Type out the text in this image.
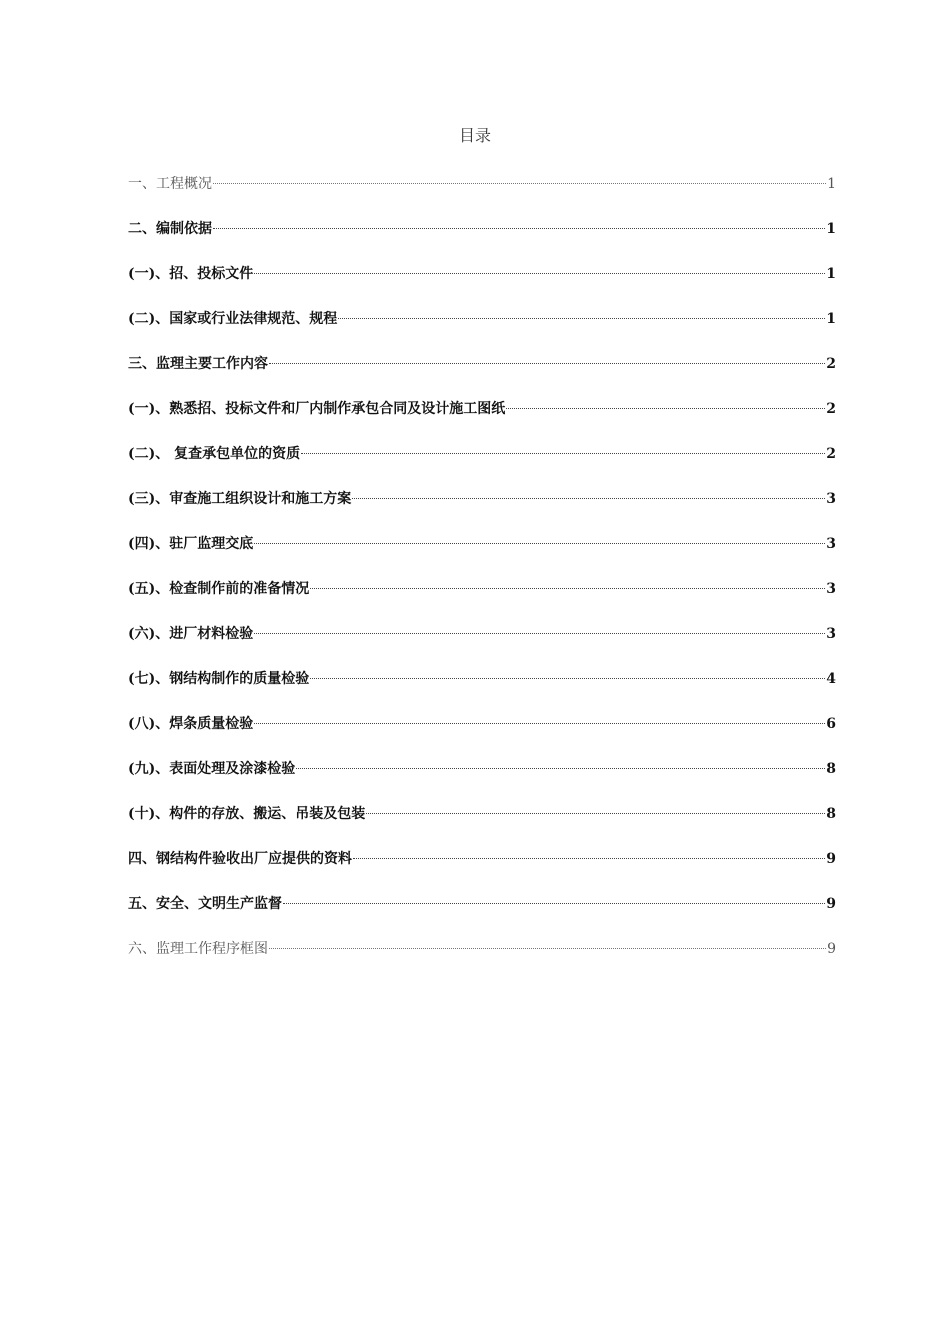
目录
一、工程概况	1
二、编制依据	1
(一)、招、投标文件	1
(二)、国家或行业法律规范、规程	1
三、监理主要工作内容	2
(一)、熟悉招、投标文件和厂内制作承包合同及设计施工图纸	2
(二)、 复查承包单位的资质	2
(三)、审查施工组织设计和施工方案	3
(四)、驻厂监理交底	3
(五)、检查制作前的准备情况	3
(六)、进厂材料检验	3
(七)、钢结构制作的质量检验	4
(八)、焊条质量检验	6
(九)、表面处理及涂漆检验	8
(十)、构件的存放、搬运、吊装及包装	8
四、钢结构件验收出厂应提供的资料	9
五、安全、文明生产监督	9
六、监理工作程序框图	9
